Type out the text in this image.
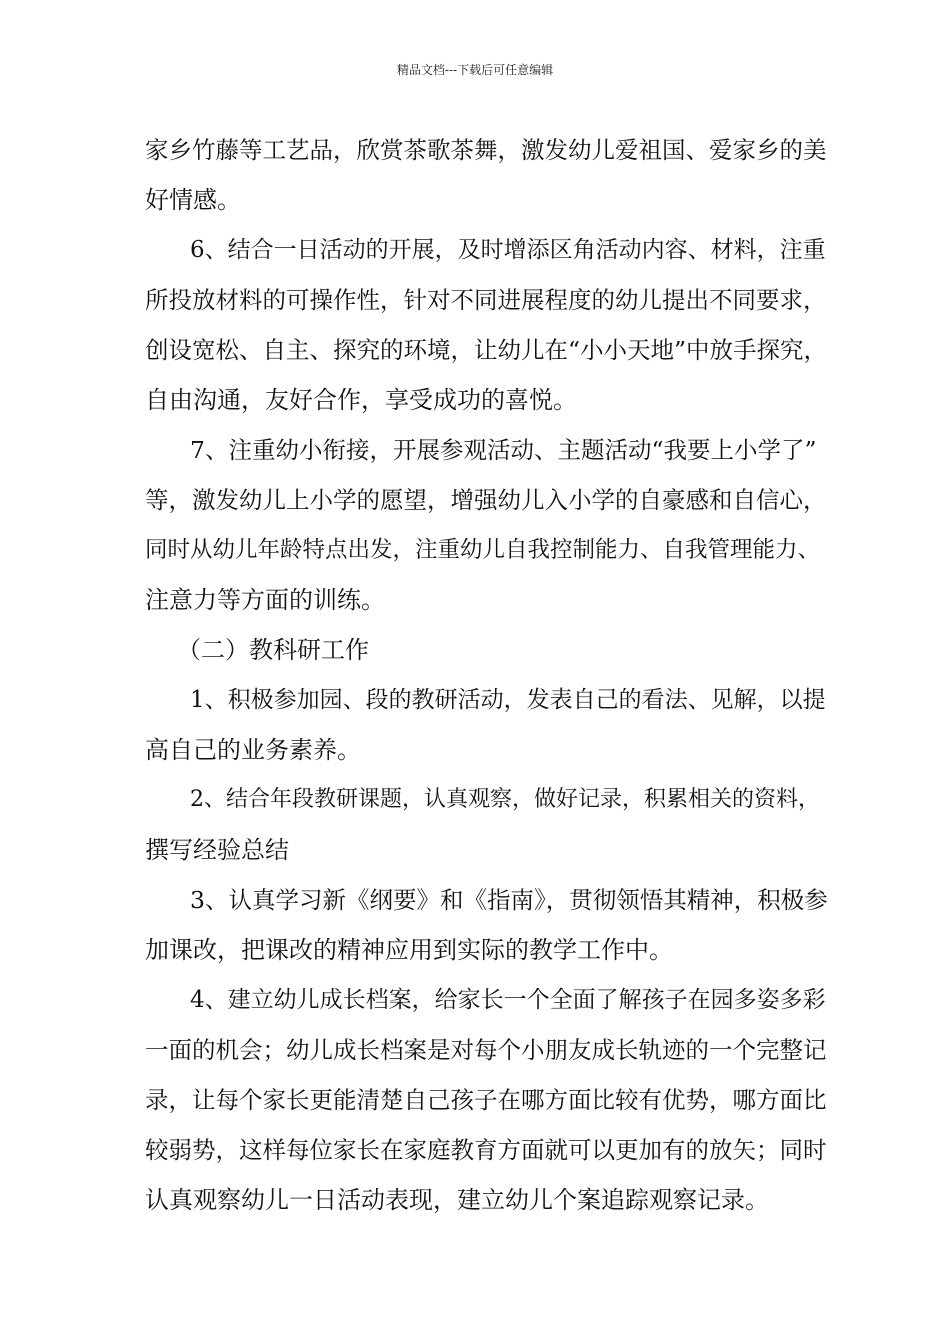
精品文档---下载后可任意编辑
家乡竹藤等工艺品，欣赏茶歌茶舞，激发幼儿爱祖国、爱家乡的美
好情感。
6、结合一日活动的开展，及时增添区角活动内容、材料，注重
所投放材料的可操作性，针对不同进展程度的幼儿提出不同要求，
创设宽松、自主、探究的环境，让幼儿在“小小天地”中放手探究，
自由沟通，友好合作，享受成功的喜悦。
7、注重幼小衔接，开展参观活动、主题活动“我要上小学了”
等，激发幼儿上小学的愿望，增强幼儿入小学的自豪感和自信心，
同时从幼儿年龄特点出发，注重幼儿自我控制能力、自我管理能力、
注意力等方面的训练。
（二）教科研工作
1、积极参加园、段的教研活动，发表自己的看法、见解，以提
高自己的业务素养。
2、结合年段教研课题，认真观察，做好记录，积累相关的资料，
撰写经验总结
3、认真学习新《纲要》和《指南》，贯彻领悟其精神，积极参
加课改，把课改的精神应用到实际的教学工作中。
4、建立幼儿成长档案，给家长一个全面了解孩子在园多姿多彩
一面的机会；幼儿成长档案是对每个小朋友成长轨迹的一个完整记
录，让每个家长更能清楚自己孩子在哪方面比较有优势，哪方面比
较弱势，这样每位家长在家庭教育方面就可以更加有的放矢；同时
认真观察幼儿一日活动表现，建立幼儿个案追踪观察记录。
